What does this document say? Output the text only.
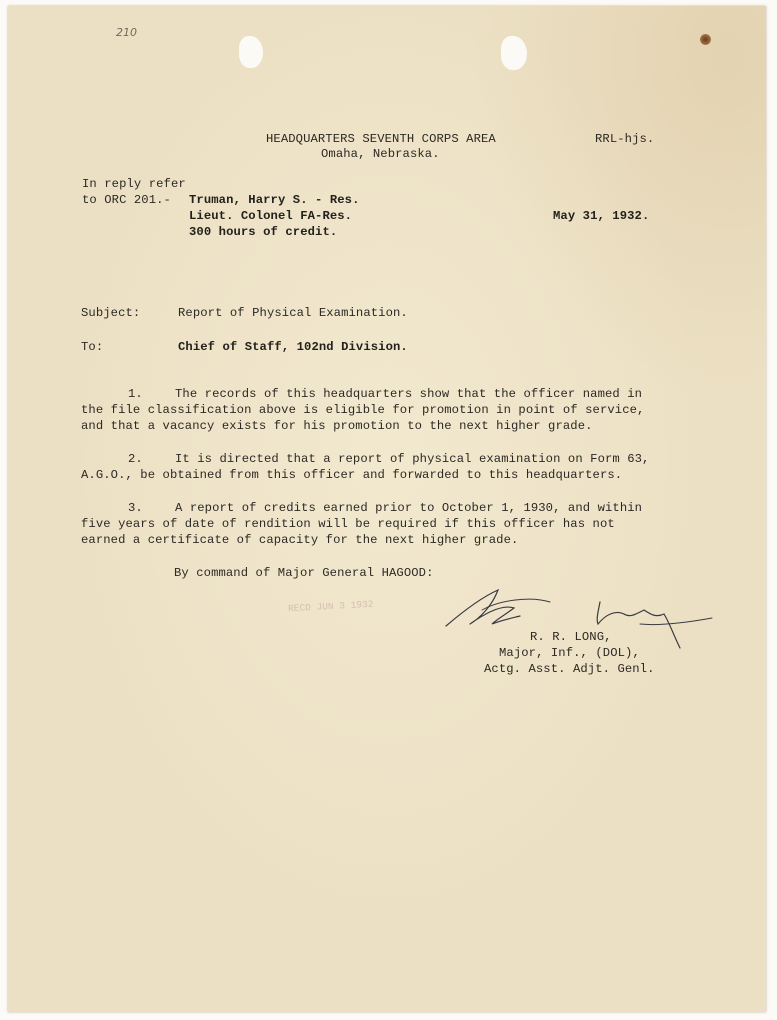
210
HEADQUARTERS SEVENTH CORPS AREA
Omaha, Nebraska.
RRL-hjs.
In reply refer
to ORC 201.- Truman, Harry S. - Res.
Lieut. Colonel FA-Res.
300 hours of credit.
May 31, 1932.
Subject:	Report of Physical Examination.
To:	Chief of Staff, 102nd Division.
1.	The records of this headquarters show that the officer named in
the file classification above is eligible for promotion in point of service,
and that a vacancy exists for his promotion to the next higher grade.
2.	It is directed that a report of physical examination on Form 63,
A.G.O., be obtained from this officer and forwarded to this headquarters.
3.	A report of credits earned prior to October 1, 1930, and within
five years of date of rendition will be required if this officer has not
earned a certificate of capacity for the next higher grade.
By command of Major General HAGOOD:
RECD JUN 3 1932
R. R. LONG,
Major, Inf., (DOL),
Actg. Asst. Adjt. Genl.
